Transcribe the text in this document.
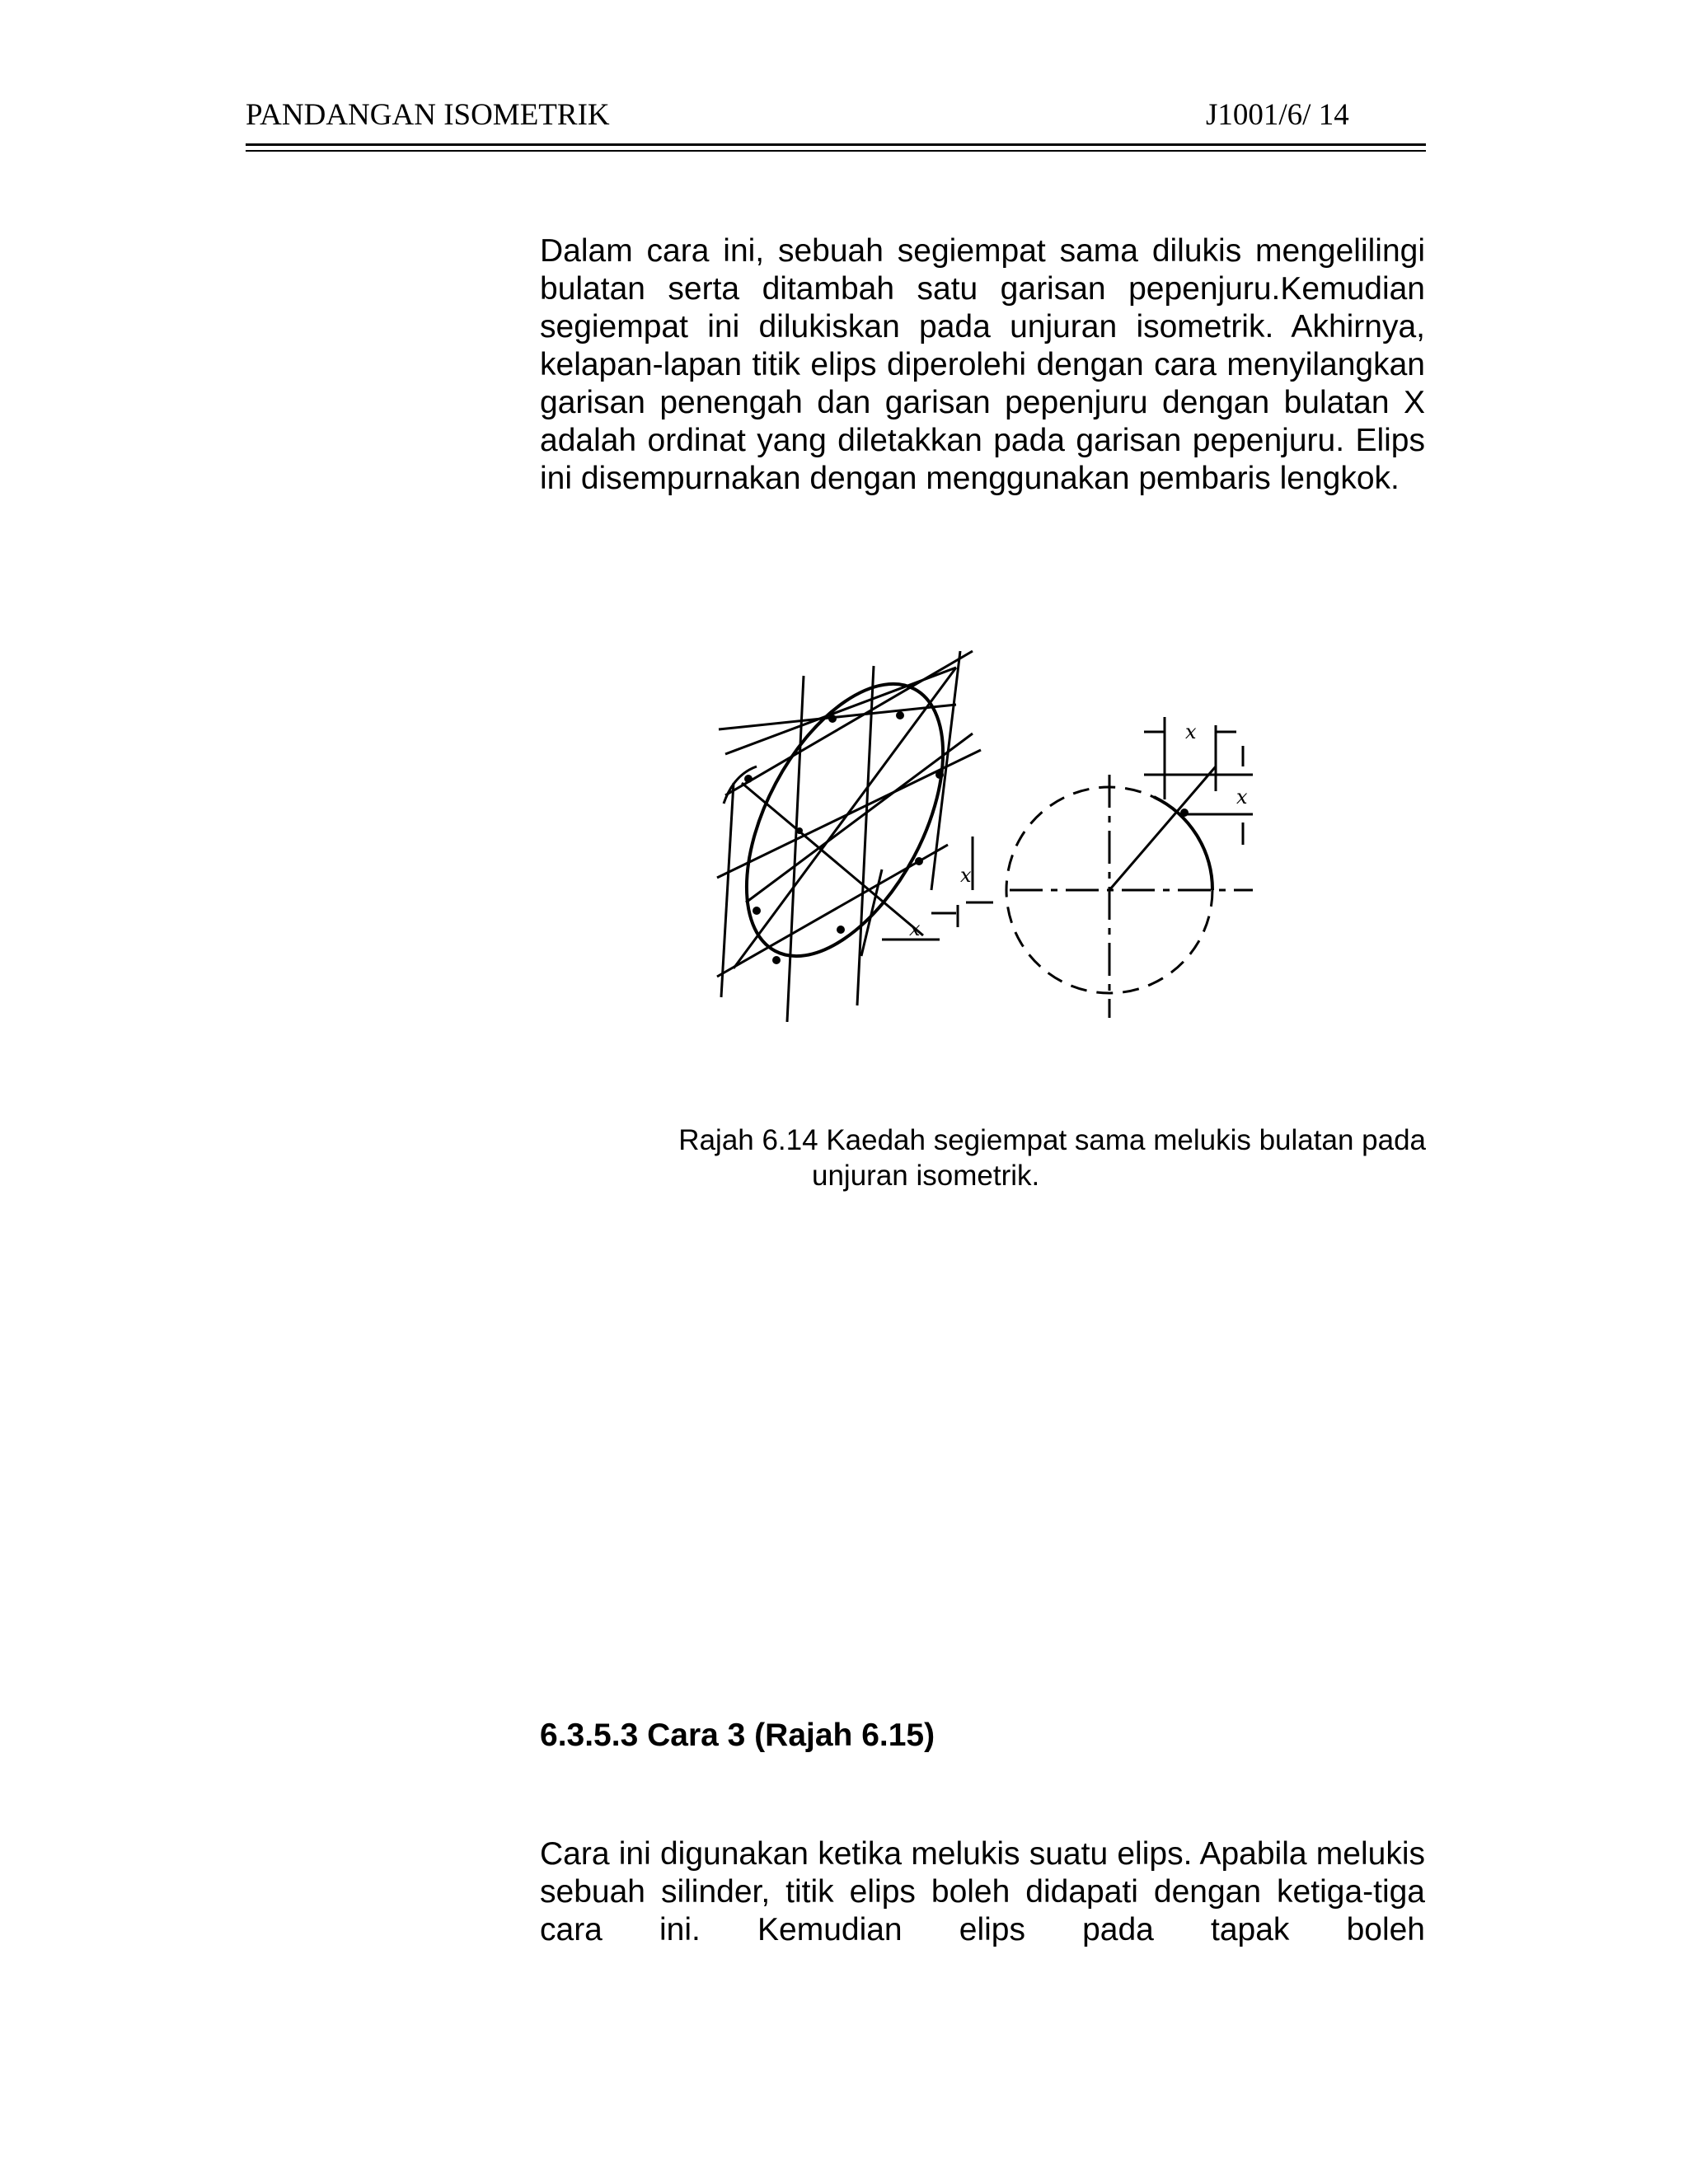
PANDANGAN ISOMETRIK	J1001/6/ 14

Dalam cara ini, sebuah segiempat sama dilukis mengelilingi bulatan serta ditambah satu garisan pepenjuru.Kemudian segiempat ini dilukiskan pada unjuran isometrik. Akhirnya, kelapan-lapan titik elips diperolehi dengan cara menyilangkan garisan penengah dan garisan pepenjuru dengan bulatan X adalah ordinat yang diletakkan pada garisan pepenjuru. Elips ini disempurnakan dengan menggunakan pembaris lengkok.

x
x
x
x
Rajah 6.14 Kaedah segiempat sama melukis bulatan pada
unjuran isometrik.
6.3.5.3 Cara 3 (Rajah 6.15)

Cara ini digunakan ketika melukis suatu elips. Apabila melukis sebuah silinder, titik elips boleh didapati dengan ketiga-tiga cara ini. Kemudian elips pada tapak boleh
